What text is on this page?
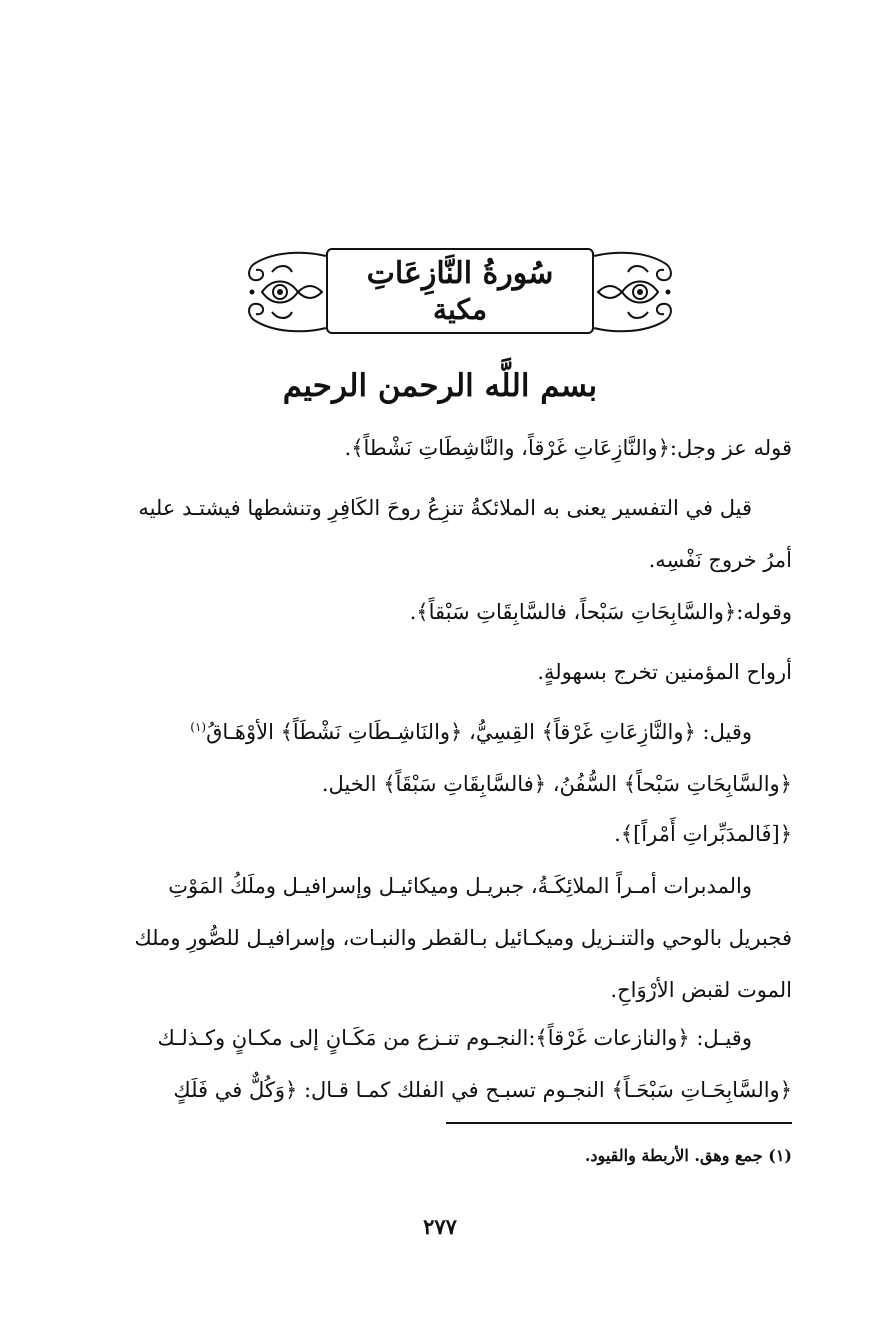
سُورةُ النَّازِعَاتِ
مكية
بسم اللَّه الرحمن الرحيم
قوله عز وجل:﴿والنَّازِعَاتِ غَرْقاً، والنَّاشِطَاتِ نَشْطاً﴾.
قيل في التفسير يعنى به الملائكةُ تنزِعُ روحَ الكَافِرِ وتنشطها فيشتـد عليه
أمرُ خروج نَفْسِه.
وقوله:﴿والسَّابِحَاتِ سَبْحاً، فالسَّابِقَاتِ سَبْقاً﴾.
أرواح المؤمنين تخرج بسهولةٍ.
وقيل: ﴿والنَّازِعَاتِ غَرْقاً﴾ القِسِيُّ، ﴿والنَاشِـطَاتِ نَشْطَاً﴾ الأوْهَـاقُ$^{(١)}$
﴿والسَّابِحَاتِ سَبْحاً﴾ السُّفُنُ، ﴿فالسَّابِقَاتِ سَبْقَاً﴾ الخيل.
﴿[فَالمدَبِّراتِ أَمْراً]﴾.
والمدبرات أمـراً الملائِكَـةُ، جبريـل وميكائيـل وإسرافيـل وملَكُ المَوْتِ
فجبريل بالوحي والتنـزيل وميكـائيل بـالقطر والنبـات، وإسرافيـل للصُّورِ وملك
الموت لقبض الأرْوَاحِ.
وقيـل: ﴿والنازعات غَرْقاً﴾:النجـوم تنـزع من مَكَـانٍ إلى مكـانٍ وكـذلـك
﴿والسَّابِحَـاتِ سَبْحَـاً﴾ النجـوم تسبـح في الفلك كمـا قـال: ﴿وَكُلٌّ في فَلَكٍ
(١) جمع وهق. الأربطة والقيود.
٢٧٧
